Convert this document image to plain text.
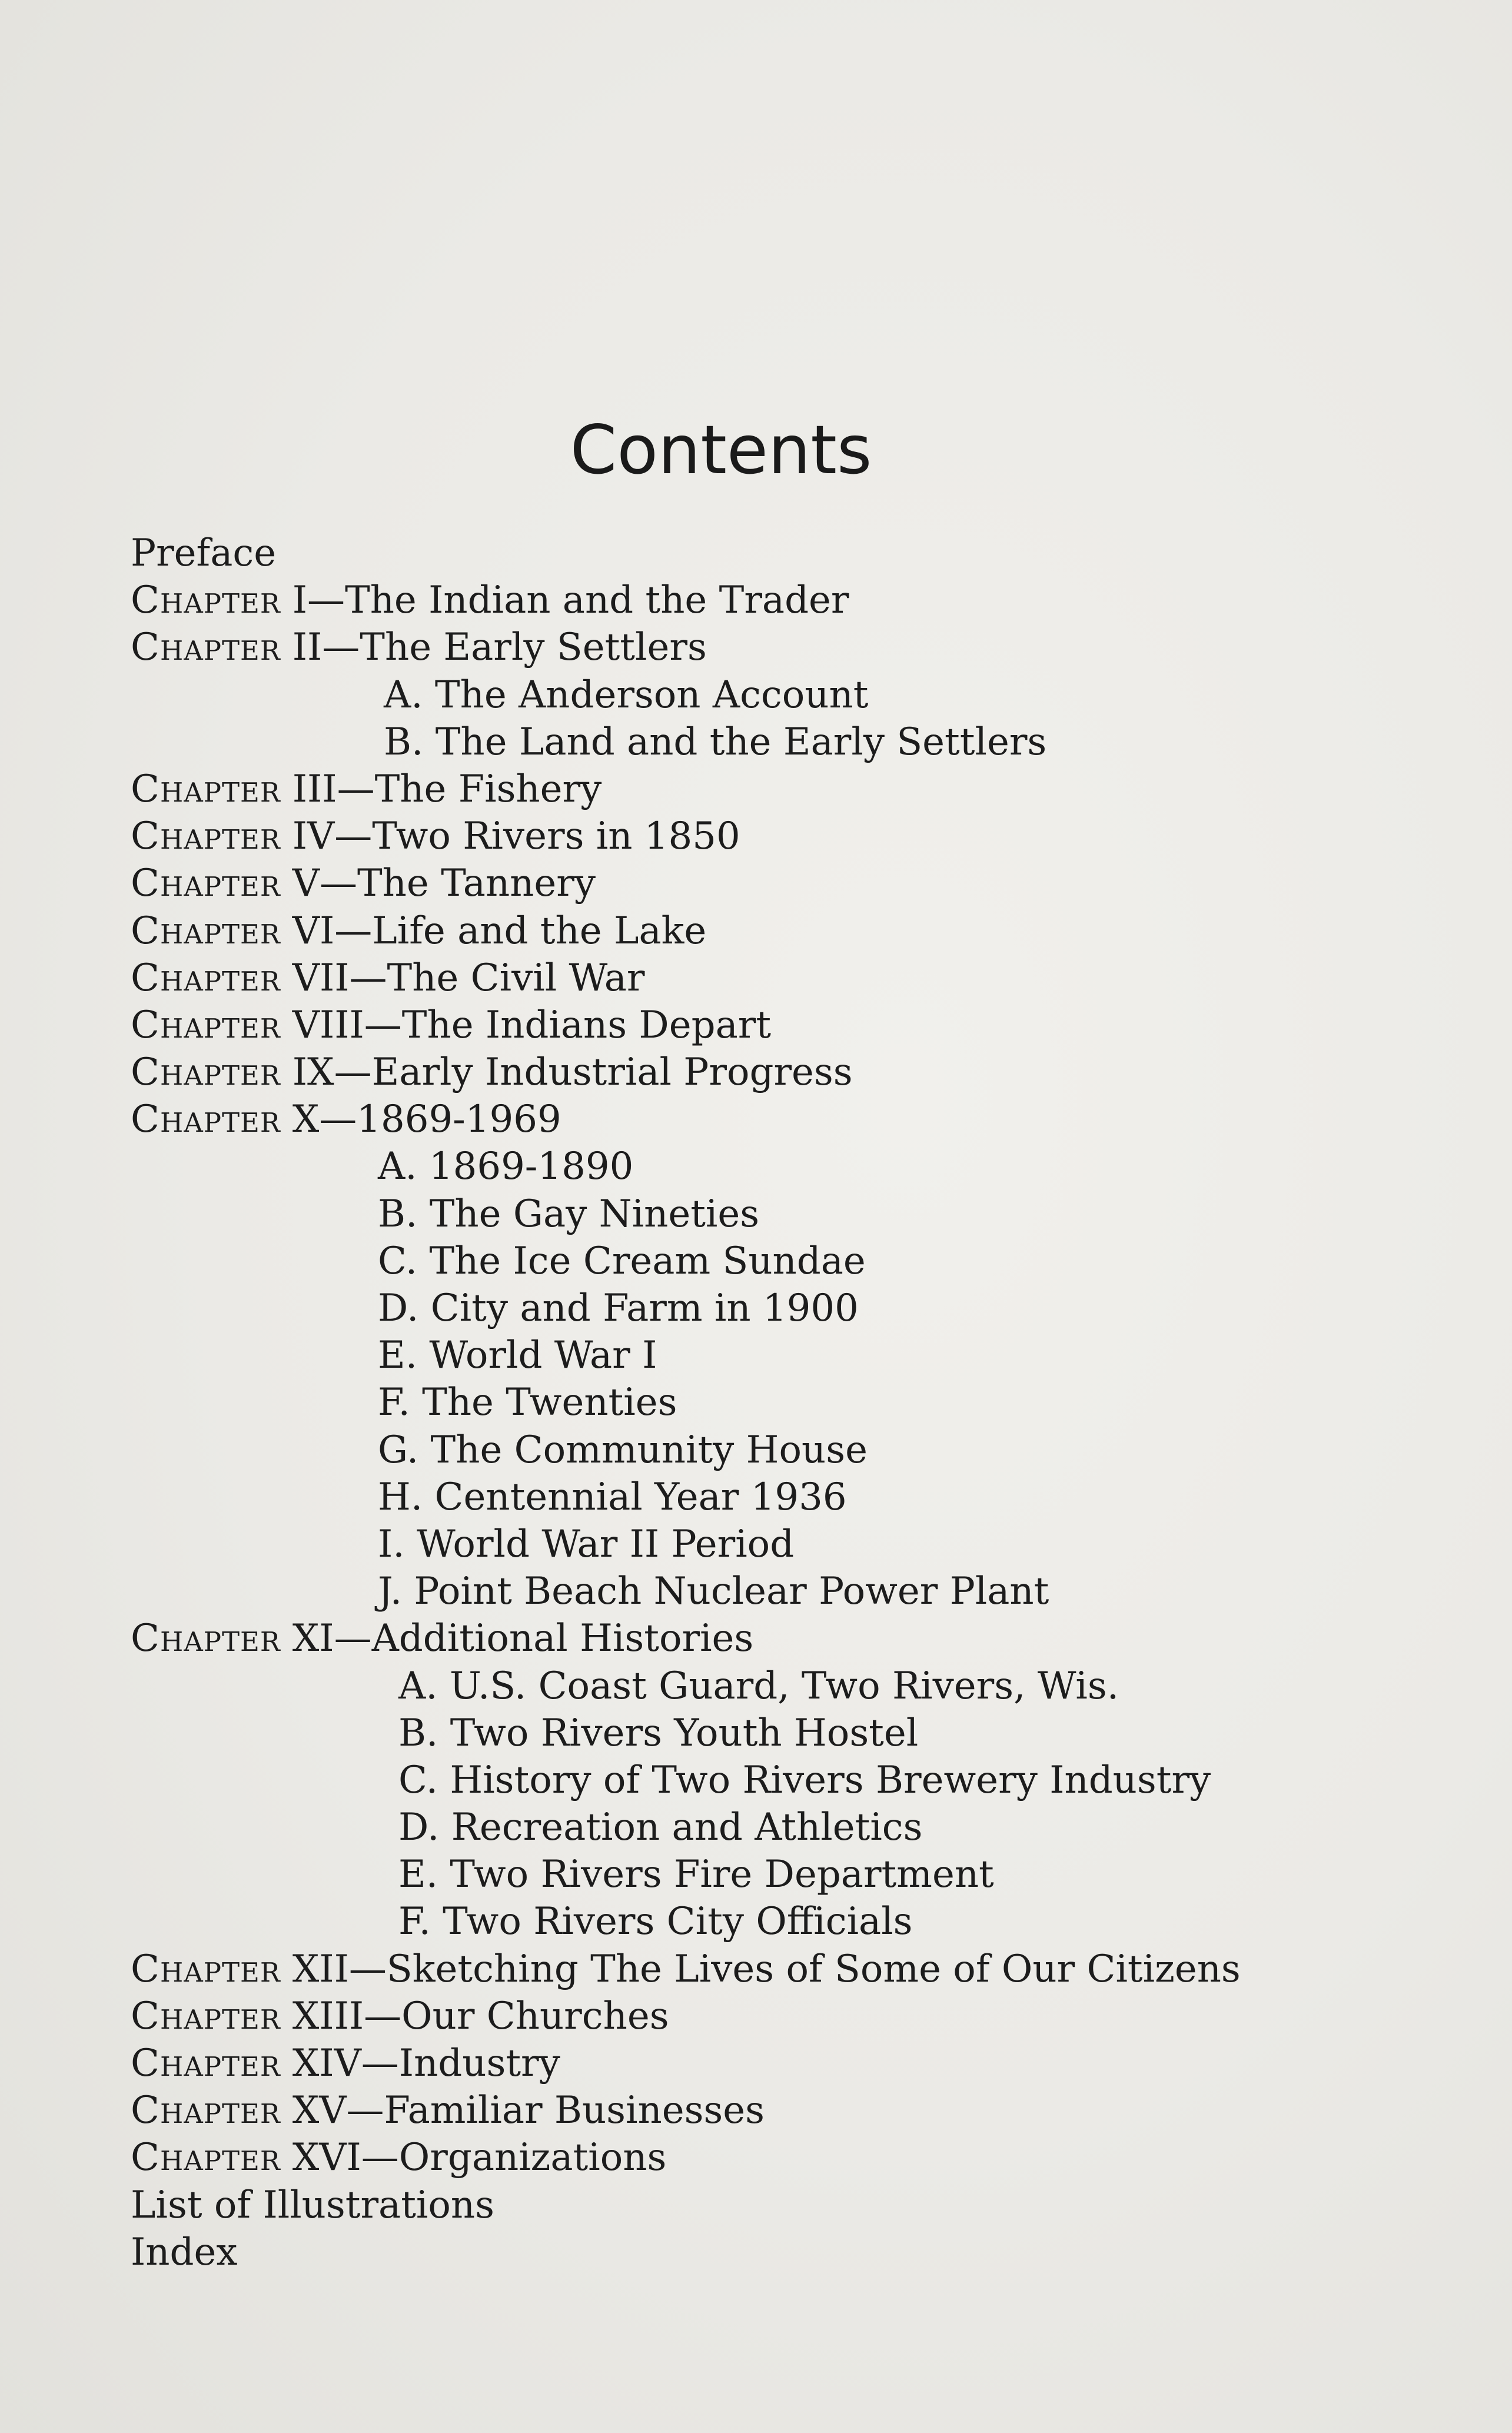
Contents
Preface
Chapter I—The Indian and the Trader
Chapter II—The Early Settlers
A. The Anderson Account
B. The Land and the Early Settlers
Chapter III—The Fishery
Chapter IV—Two Rivers in 1850
Chapter V—The Tannery
Chapter VI—Life and the Lake
Chapter VII—The Civil War
Chapter VIII—The Indians Depart
Chapter IX—Early Industrial Progress
Chapter X—1869-1969
A. 1869-1890
B. The Gay Nineties
C. The Ice Cream Sundae
D. City and Farm in 1900
E. World War I
F. The Twenties
G. The Community House
H. Centennial Year 1936
I. World War II Period
J. Point Beach Nuclear Power Plant
Chapter XI—Additional Histories
A. U.S. Coast Guard, Two Rivers, Wis.
B. Two Rivers Youth Hostel
C. History of Two Rivers Brewery Industry
D. Recreation and Athletics
E. Two Rivers Fire Department
F. Two Rivers City Officials
Chapter XII—Sketching The Lives of Some of Our Citizens
Chapter XIII—Our Churches
Chapter XIV—Industry
Chapter XV—Familiar Businesses
Chapter XVI—Organizations
List of Illustrations
Index
